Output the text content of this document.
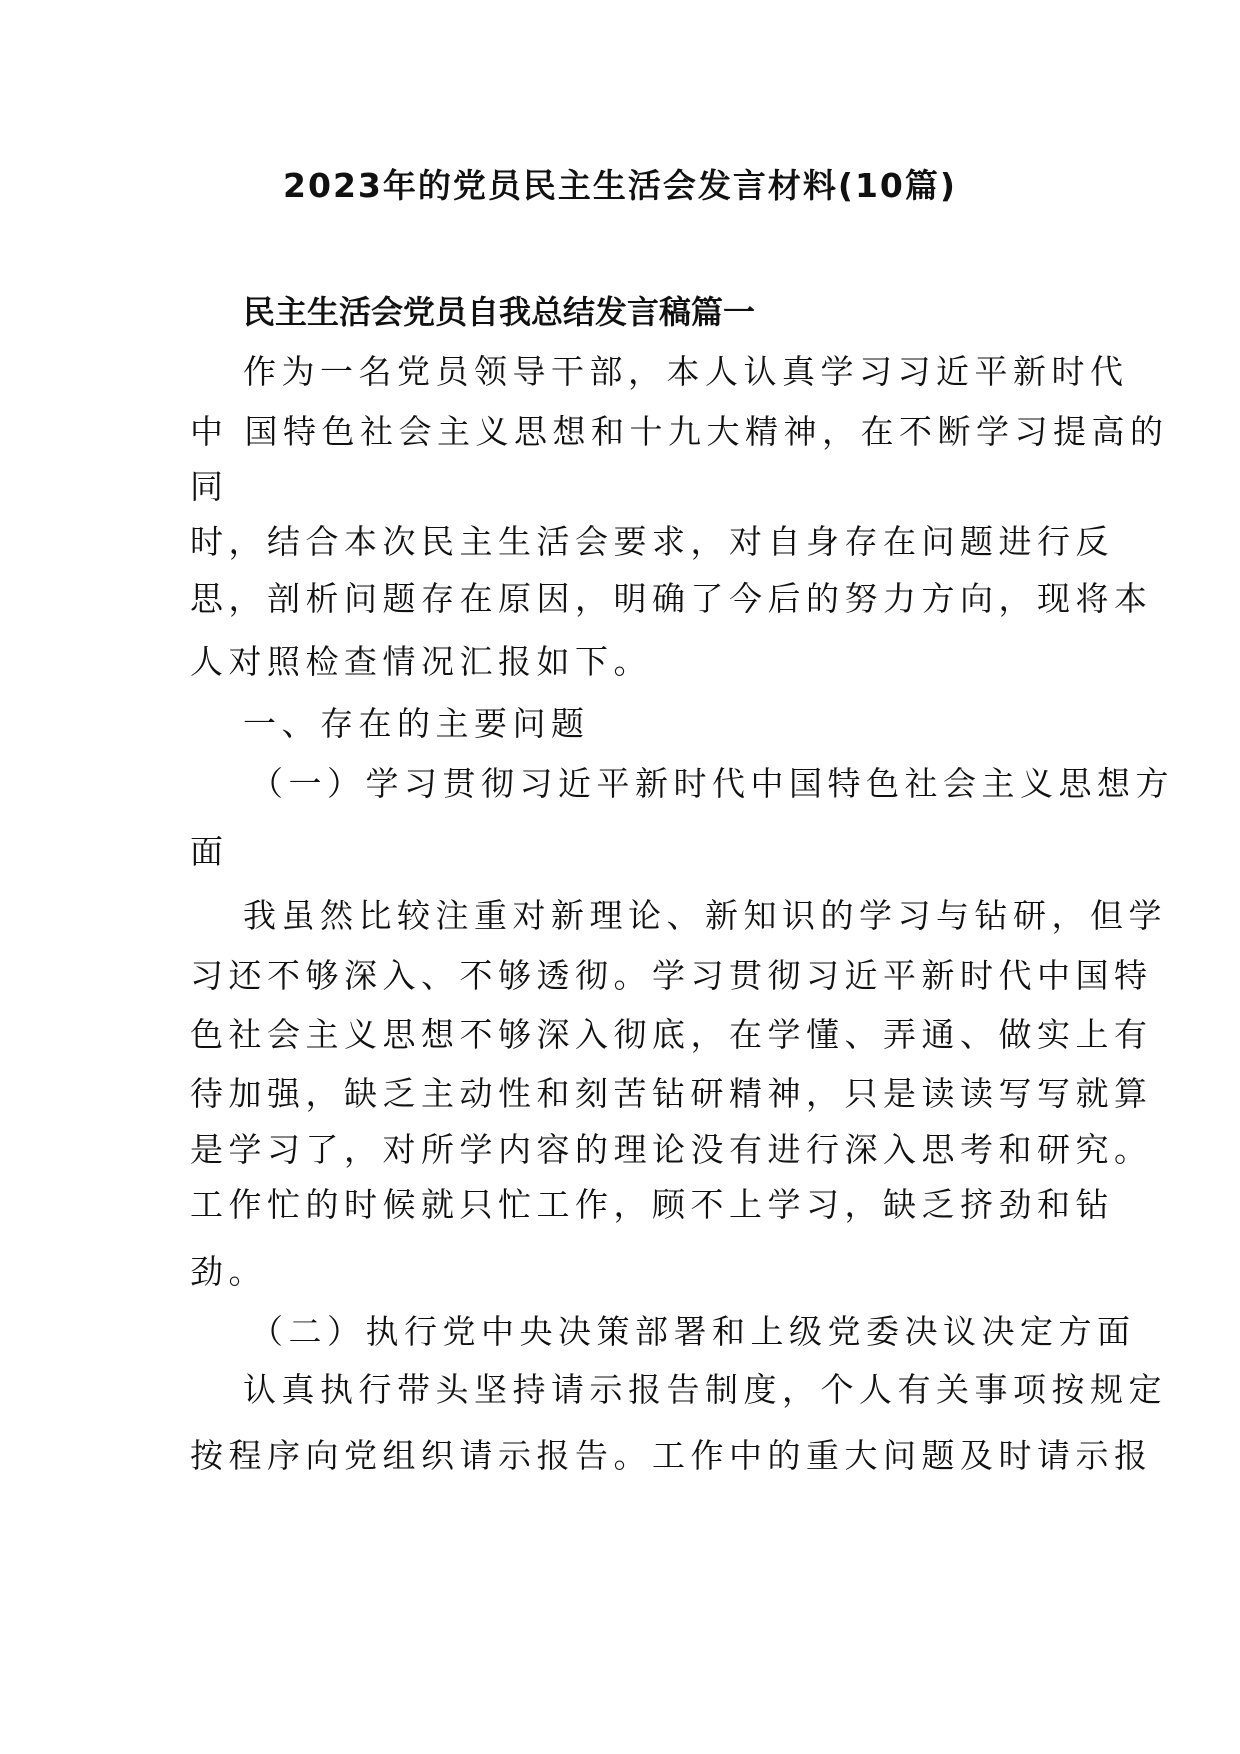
2023年的党员民主生活会发言材料(10篇)
民主生活会党员自我总结发言稿篇一
作为一名党员领导干部，本人认真学习习近平新时代
中 国特色社会主义思想和十九大精神，在不断学习提高的
同
时，结合本次民主生活会要求，对自身存在问题进行反
思，剖析问题存在原因，明确了今后的努力方向，现将本
人对照检查情况汇报如下。
一、存在的主要问题
（一）学习贯彻习近平新时代中国特色社会主义思想方
面
我虽然比较注重对新理论、新知识的学习与钻研，但学
习还不够深入、不够透彻。学习贯彻习近平新时代中国特
色社会主义思想不够深入彻底，在学懂、弄通、做实上有
待加强，缺乏主动性和刻苦钻研精神，只是读读写写就算
是学习了，对所学内容的理论没有进行深入思考和研究。
工作忙的时候就只忙工作，顾不上学习，缺乏挤劲和钻
劲。
（二）执行党中央决策部署和上级党委决议决定方面
认真执行带头坚持请示报告制度，个人有关事项按规定
按程序向党组织请示报告。工作中的重大问题及时请示报
